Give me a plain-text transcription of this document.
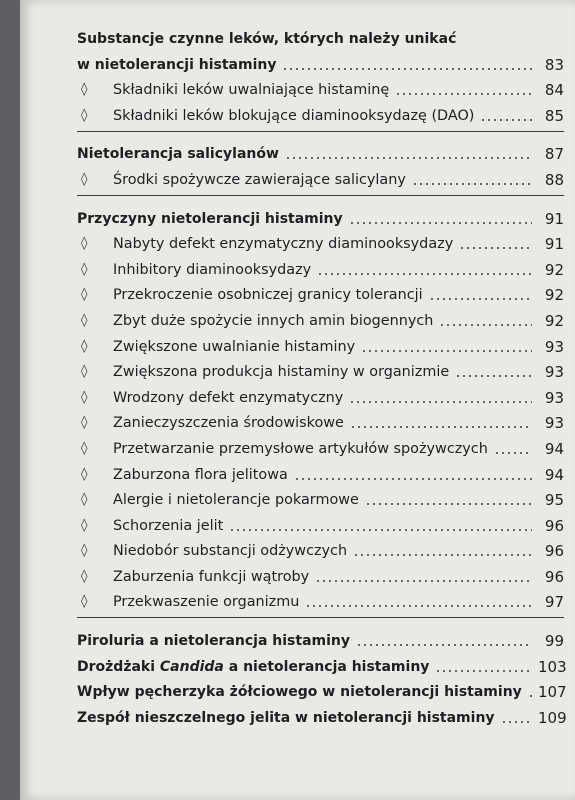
Substancje czynne leków, których należy unikać
w nietolerancji histaminy	83
◊	Składniki leków uwalniające histaminę	84
◊	Składniki leków blokujące diaminooksydazę (DAO)	85
Nietolerancja salicylanów	87
◊	Środki spożywcze zawierające salicylany	88
Przyczyny nietolerancji histaminy	91
◊	Nabyty defekt enzymatyczny diaminooksydazy	91
◊	Inhibitory diaminooksydazy	92
◊	Przekroczenie osobniczej granicy tolerancji	92
◊	Zbyt duże spożycie innych amin biogennych	92
◊	Zwiększone uwalnianie histaminy	93
◊	Zwiększona produkcja histaminy w organizmie	93
◊	Wrodzony defekt enzymatyczny	93
◊	Zanieczyszczenia środowiskowe	93
◊	Przetwarzanie przemysłowe artykułów spożywczych	94
◊	Zaburzona flora jelitowa	94
◊	Alergie i nietolerancje pokarmowe	95
◊	Schorzenia jelit	96
◊	Niedobór substancji odżywczych	96
◊	Zaburzenia funkcji wątroby	96
◊	Przekwaszenie organizmu	97
Piroluria a nietolerancja histaminy	99
Drożdżaki Candida a nietolerancja histaminy	103
Wpływ pęcherzyka żółciowego w nietolerancji histaminy 107
Zespół nieszczelnego jelita w nietolerancji histaminy	109
